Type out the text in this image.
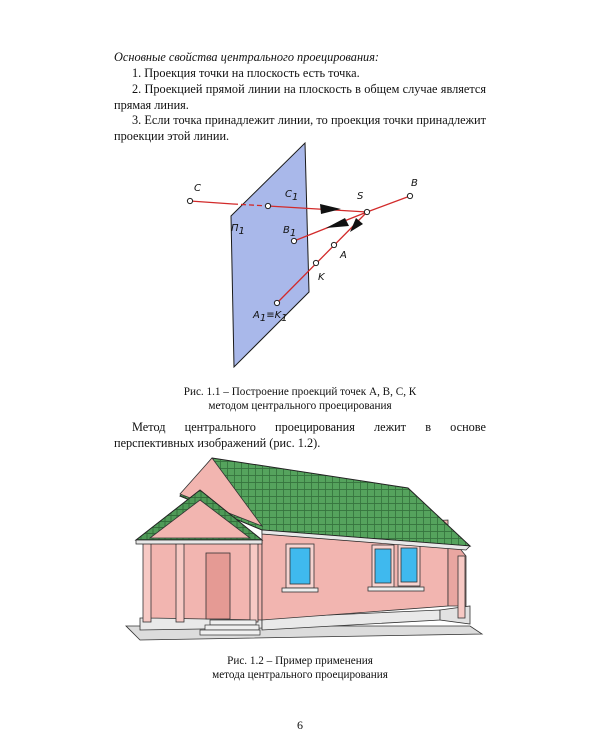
Основные свойства центрального проецирования:
1. Проекция точки на плоскость есть точка.
2. Проекцией прямой линии на плоскость в общем случае является прямая линия.
3. Если точка принадлежит линии, то проекция точки принадлежит проекции этой линии.
C
C1	S
B
П1	B1
A
K
A1≡K1
Рис. 1.1 – Построение проекций точек А, В, С, К
методом центрального проецирования
Метод центрального проецирования лежит в основе перспективных изображений (рис. 1.2).
Рис. 1.2 – Пример применения
метода центрального проецирования
6
